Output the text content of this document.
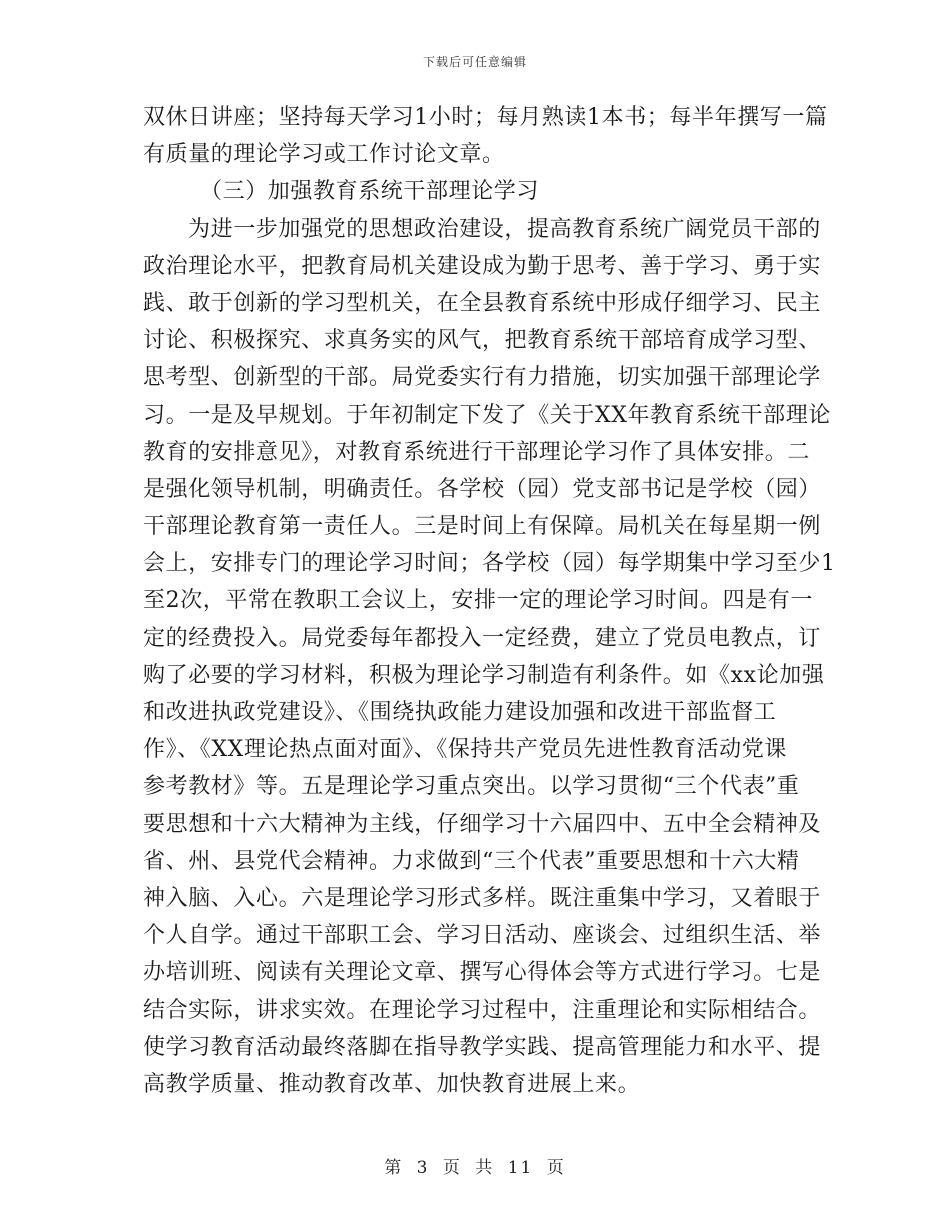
下载后可任意编辑
双休日讲座；坚持每天学习1小时；每月熟读1本书；每半年撰写一篇
有质量的理论学习或工作讨论文章。
（三）加强教育系统干部理论学习
为进一步加强党的思想政治建设，提高教育系统广阔党员干部的
政治理论水平，把教育局机关建设成为勤于思考、善于学习、勇于实
践、敢于创新的学习型机关，在全县教育系统中形成仔细学习、民主
讨论、积极探究、求真务实的风气，把教育系统干部培育成学习型、
思考型、创新型的干部。局党委实行有力措施，切实加强干部理论学
习。一是及早规划。于年初制定下发了《关于XX年教育系统干部理论
教育的安排意见》，对教育系统进行干部理论学习作了具体安排。二
是强化领导机制，明确责任。各学校（园）党支部书记是学校（园）
干部理论教育第一责任人。三是时间上有保障。局机关在每星期一例
会上，安排专门的理论学习时间；各学校（园）每学期集中学习至少1
至2次，平常在教职工会议上，安排一定的理论学习时间。四是有一
定的经费投入。局党委每年都投入一定经费，建立了党员电教点，订
购了必要的学习材料，积极为理论学习制造有利条件。如《xx论加强
和改进执政党建设》、《围绕执政能力建设加强和改进干部监督工
作》、《XX理论热点面对面》、《保持共产党员先进性教育活动党课
参考教材》等。五是理论学习重点突出。以学习贯彻“三个代表”重
要思想和十六大精神为主线，仔细学习十六届四中、五中全会精神及
省、州、县党代会精神。力求做到“三个代表”重要思想和十六大精
神入脑、入心。六是理论学习形式多样。既注重集中学习，又着眼于
个人自学。通过干部职工会、学习日活动、座谈会、过组织生活、举
办培训班、阅读有关理论文章、撰写心得体会等方式进行学习。七是
结合实际，讲求实效。在理论学习过程中，注重理论和实际相结合。
使学习教育活动最终落脚在指导教学实践、提高管理能力和水平、提
高教学质量、推动教育改革、加快教育进展上来。
第 3 页 共 11 页
